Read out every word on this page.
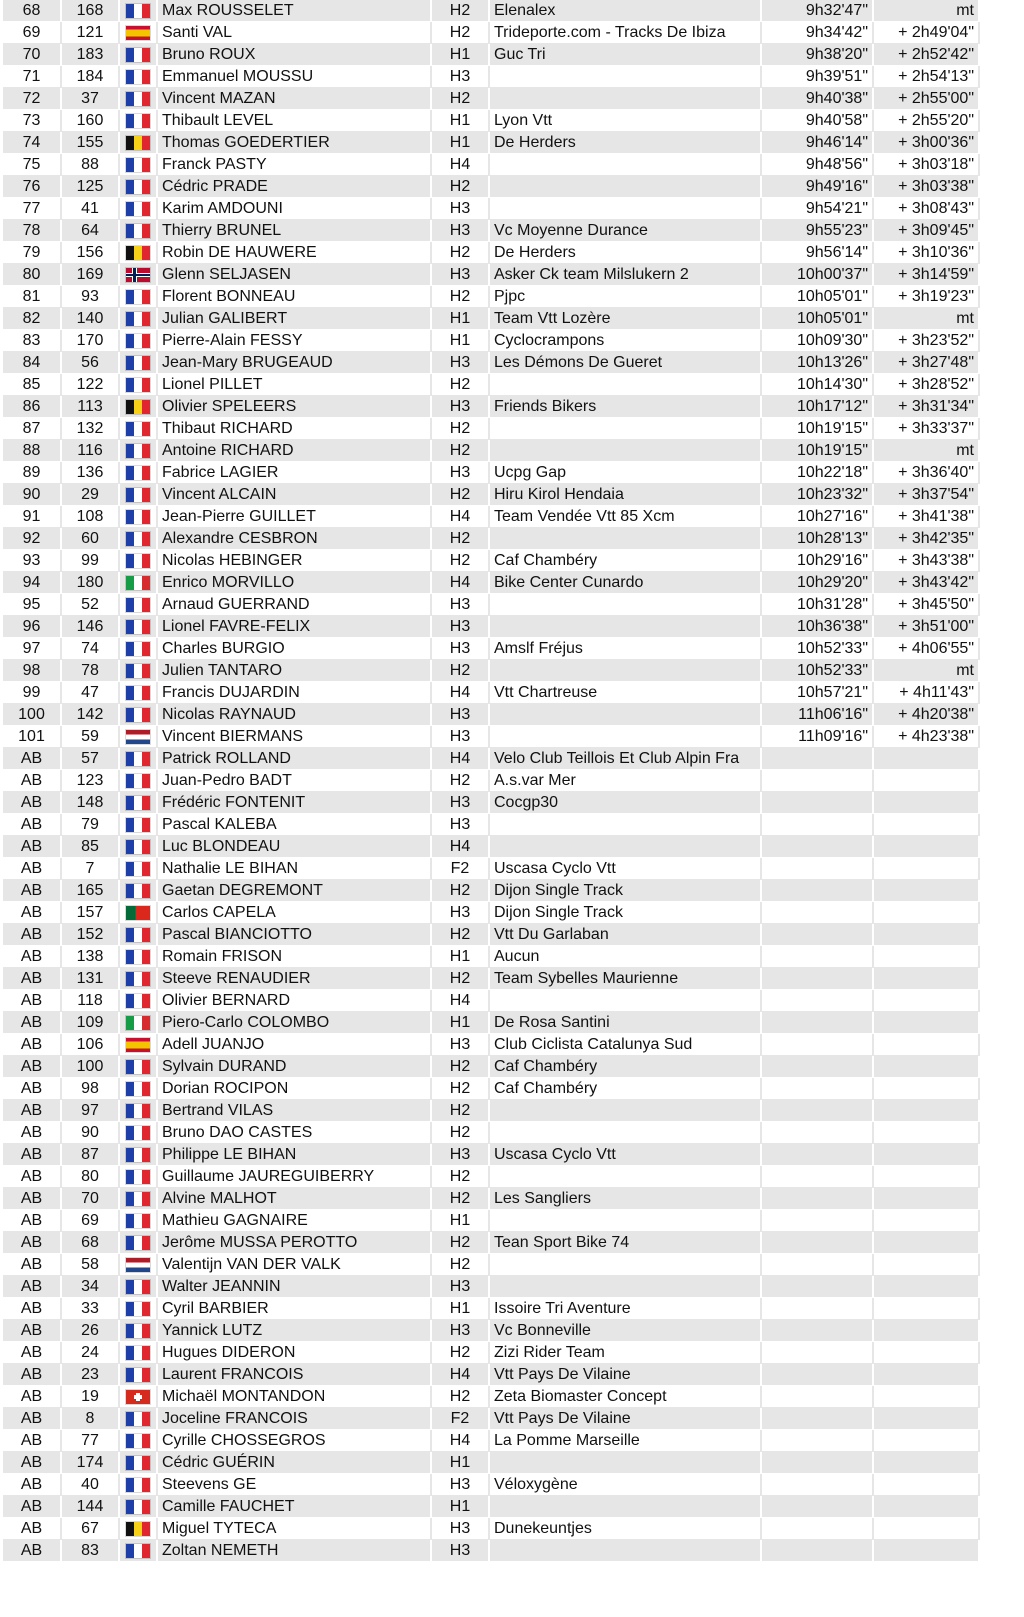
68	168		Max ROUSSELET	H2	Elenalex	9h32'47"	mt
69	121		Santi VAL	H2	Trideporte.com - Tracks De Ibiza	9h34'42"	+ 2h49'04"
70	183		Bruno ROUX	H1	Guc Tri	9h38'20"	+ 2h52'42"
71	184		Emmanuel MOUSSU	H3		9h39'51"	+ 2h54'13"
72	37		Vincent MAZAN	H2		9h40'38"	+ 2h55'00"
73	160		Thibault LEVEL	H1	Lyon Vtt	9h40'58"	+ 2h55'20"
74	155		Thomas GOEDERTIER	H1	De Herders	9h46'14"	+ 3h00'36"
75	88		Franck PASTY	H4		9h48'56"	+ 3h03'18"
76	125		Cédric PRADE	H2		9h49'16"	+ 3h03'38"
77	41		Karim AMDOUNI	H3		9h54'21"	+ 3h08'43"
78	64		Thierry BRUNEL	H3	Vc Moyenne Durance	9h55'23"	+ 3h09'45"
79	156		Robin DE HAUWERE	H2	De Herders	9h56'14"	+ 3h10'36"
80	169		Glenn SELJASEN	H3	Asker Ck team Milslukern 2	10h00'37"	+ 3h14'59"
81	93		Florent BONNEAU	H2	Pjpc	10h05'01"	+ 3h19'23"
82	140		Julian GALIBERT	H1	Team Vtt Lozère	10h05'01"	mt
83	170		Pierre-Alain FESSY	H1	Cyclocrampons	10h09'30"	+ 3h23'52"
84	56		Jean-Mary BRUGEAUD	H3	Les Démons De Gueret	10h13'26"	+ 3h27'48"
85	122		Lionel PILLET	H2		10h14'30"	+ 3h28'52"
86	113		Olivier SPELEERS	H3	Friends Bikers	10h17'12"	+ 3h31'34"
87	132		Thibaut RICHARD	H2		10h19'15"	+ 3h33'37"
88	116		Antoine RICHARD	H2		10h19'15"	mt
89	136		Fabrice LAGIER	H3	Ucpg Gap	10h22'18"	+ 3h36'40"
90	29		Vincent ALCAIN	H2	Hiru Kirol Hendaia	10h23'32"	+ 3h37'54"
91	108		Jean-Pierre GUILLET	H4	Team Vendée Vtt 85 Xcm	10h27'16"	+ 3h41'38"
92	60		Alexandre CESBRON	H2		10h28'13"	+ 3h42'35"
93	99		Nicolas HEBINGER	H2	Caf Chambéry	10h29'16"	+ 3h43'38"
94	180		Enrico MORVILLO	H4	Bike Center Cunardo	10h29'20"	+ 3h43'42"
95	52		Arnaud GUERRAND	H3		10h31'28"	+ 3h45'50"
96	146		Lionel FAVRE-FELIX	H3		10h36'38"	+ 3h51'00"
97	74		Charles BURGIO	H3	Amslf Fréjus	10h52'33"	+ 4h06'55"
98	78		Julien TANTARO	H2		10h52'33"	mt
99	47		Francis DUJARDIN	H4	Vtt Chartreuse	10h57'21"	+ 4h11'43"
100	142		Nicolas RAYNAUD	H3		11h06'16"	+ 4h20'38"
101	59		Vincent BIERMANS	H3		11h09'16"	+ 4h23'38"
AB	57		Patrick ROLLAND	H4	Velo Club Teillois Et Club Alpin Fra		
AB	123		Juan-Pedro BADT	H2	A.s.var Mer		
AB	148		Frédéric FONTENIT	H3	Cocgp30		
AB	79		Pascal KALEBA	H3			
AB	85		Luc BLONDEAU	H4			
AB	7		Nathalie LE BIHAN	F2	Uscasa Cyclo Vtt		
AB	165		Gaetan DEGREMONT	H2	Dijon Single Track		
AB	157		Carlos CAPELA	H3	Dijon Single Track		
AB	152		Pascal BIANCIOTTO	H2	Vtt Du Garlaban		
AB	138		Romain FRISON	H1	Aucun		
AB	131		Steeve RENAUDIER	H2	Team Sybelles Maurienne		
AB	118		Olivier BERNARD	H4			
AB	109		Piero-Carlo COLOMBO	H1	De Rosa Santini		
AB	106		Adell JUANJO	H3	Club Ciclista Catalunya Sud		
AB	100		Sylvain DURAND	H2	Caf Chambéry		
AB	98		Dorian ROCIPON	H2	Caf Chambéry		
AB	97		Bertrand VILAS	H2			
AB	90		Bruno DAO CASTES	H2			
AB	87		Philippe LE BIHAN	H3	Uscasa Cyclo Vtt		
AB	80		Guillaume JAUREGUIBERRY	H2			
AB	70		Alvine MALHOT	H2	Les Sangliers		
AB	69		Mathieu GAGNAIRE	H1			
AB	68		Jerôme MUSSA PEROTTO	H2	Tean Sport Bike 74		
AB	58		Valentijn VAN DER VALK	H2			
AB	34		Walter JEANNIN	H3			
AB	33		Cyril BARBIER	H1	Issoire Tri Aventure		
AB	26		Yannick LUTZ	H3	Vc Bonneville		
AB	24		Hugues DIDERON	H2	Zizi Rider Team		
AB	23		Laurent FRANCOIS	H4	Vtt Pays De Vilaine		
AB	19		Michaël MONTANDON	H2	Zeta Biomaster Concept		
AB	8		Joceline FRANCOIS	F2	Vtt Pays De Vilaine		
AB	77		Cyrille CHOSSEGROS	H4	La Pomme Marseille		
AB	174		Cédric GUÉRIN	H1			
AB	40		Steevens GE	H3	Véloxygène		
AB	144		Camille FAUCHET	H1			
AB	67		Miguel TYTECA	H3	Dunekeuntjes		
AB	83		Zoltan NEMETH	H3			
